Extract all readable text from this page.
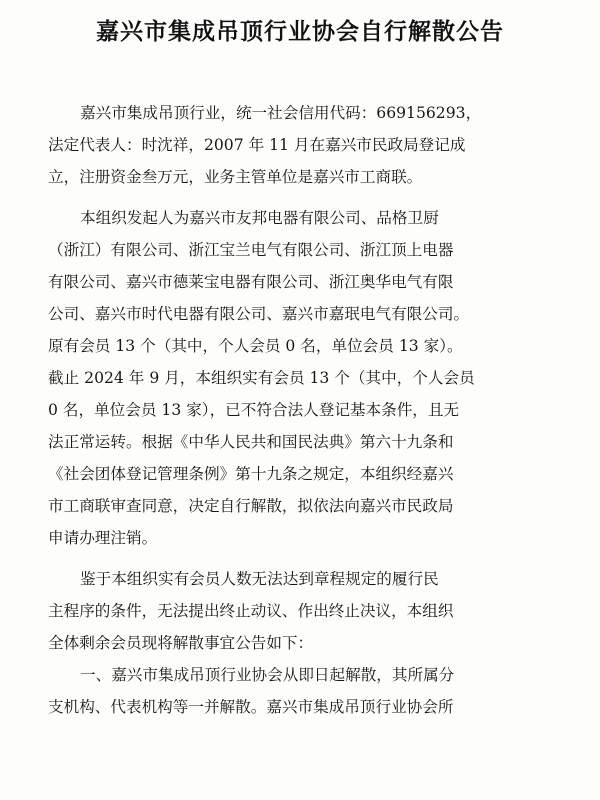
嘉兴市集成吊顶行业协会自行解散公告
嘉兴市集成吊顶行业，统一社会信用代码：669156293，
法定代表人：时沈祥，2007 年 11 月在嘉兴市民政局登记成
立，注册资金叁万元，业务主管单位是嘉兴市工商联。
本组织发起人为嘉兴市友邦电器有限公司、品格卫厨
（浙江）有限公司、浙江宝兰电气有限公司、浙江顶上电器
有限公司、嘉兴市德莱宝电器有限公司、浙江奥华电气有限
公司、嘉兴市时代电器有限公司、嘉兴市嘉珉电气有限公司。
原有会员 13 个（其中，个人会员 0 名，单位会员 13 家）。
截止 2024 年 9 月，本组织实有会员 13 个（其中，个人会员
0 名，单位会员 13 家），已不符合法人登记基本条件，且无
法正常运转。根据《中华人民共和国民法典》第六十九条和
《社会团体登记管理条例》第十九条之规定，本组织经嘉兴
市工商联审查同意，决定自行解散，拟依法向嘉兴市民政局
申请办理注销。
鉴于本组织实有会员人数无法达到章程规定的履行民
主程序的条件，无法提出终止动议、作出终止决议，本组织
全体剩余会员现将解散事宜公告如下：
一、嘉兴市集成吊顶行业协会从即日起解散，其所属分
支机构、代表机构等一并解散。嘉兴市集成吊顶行业协会所
